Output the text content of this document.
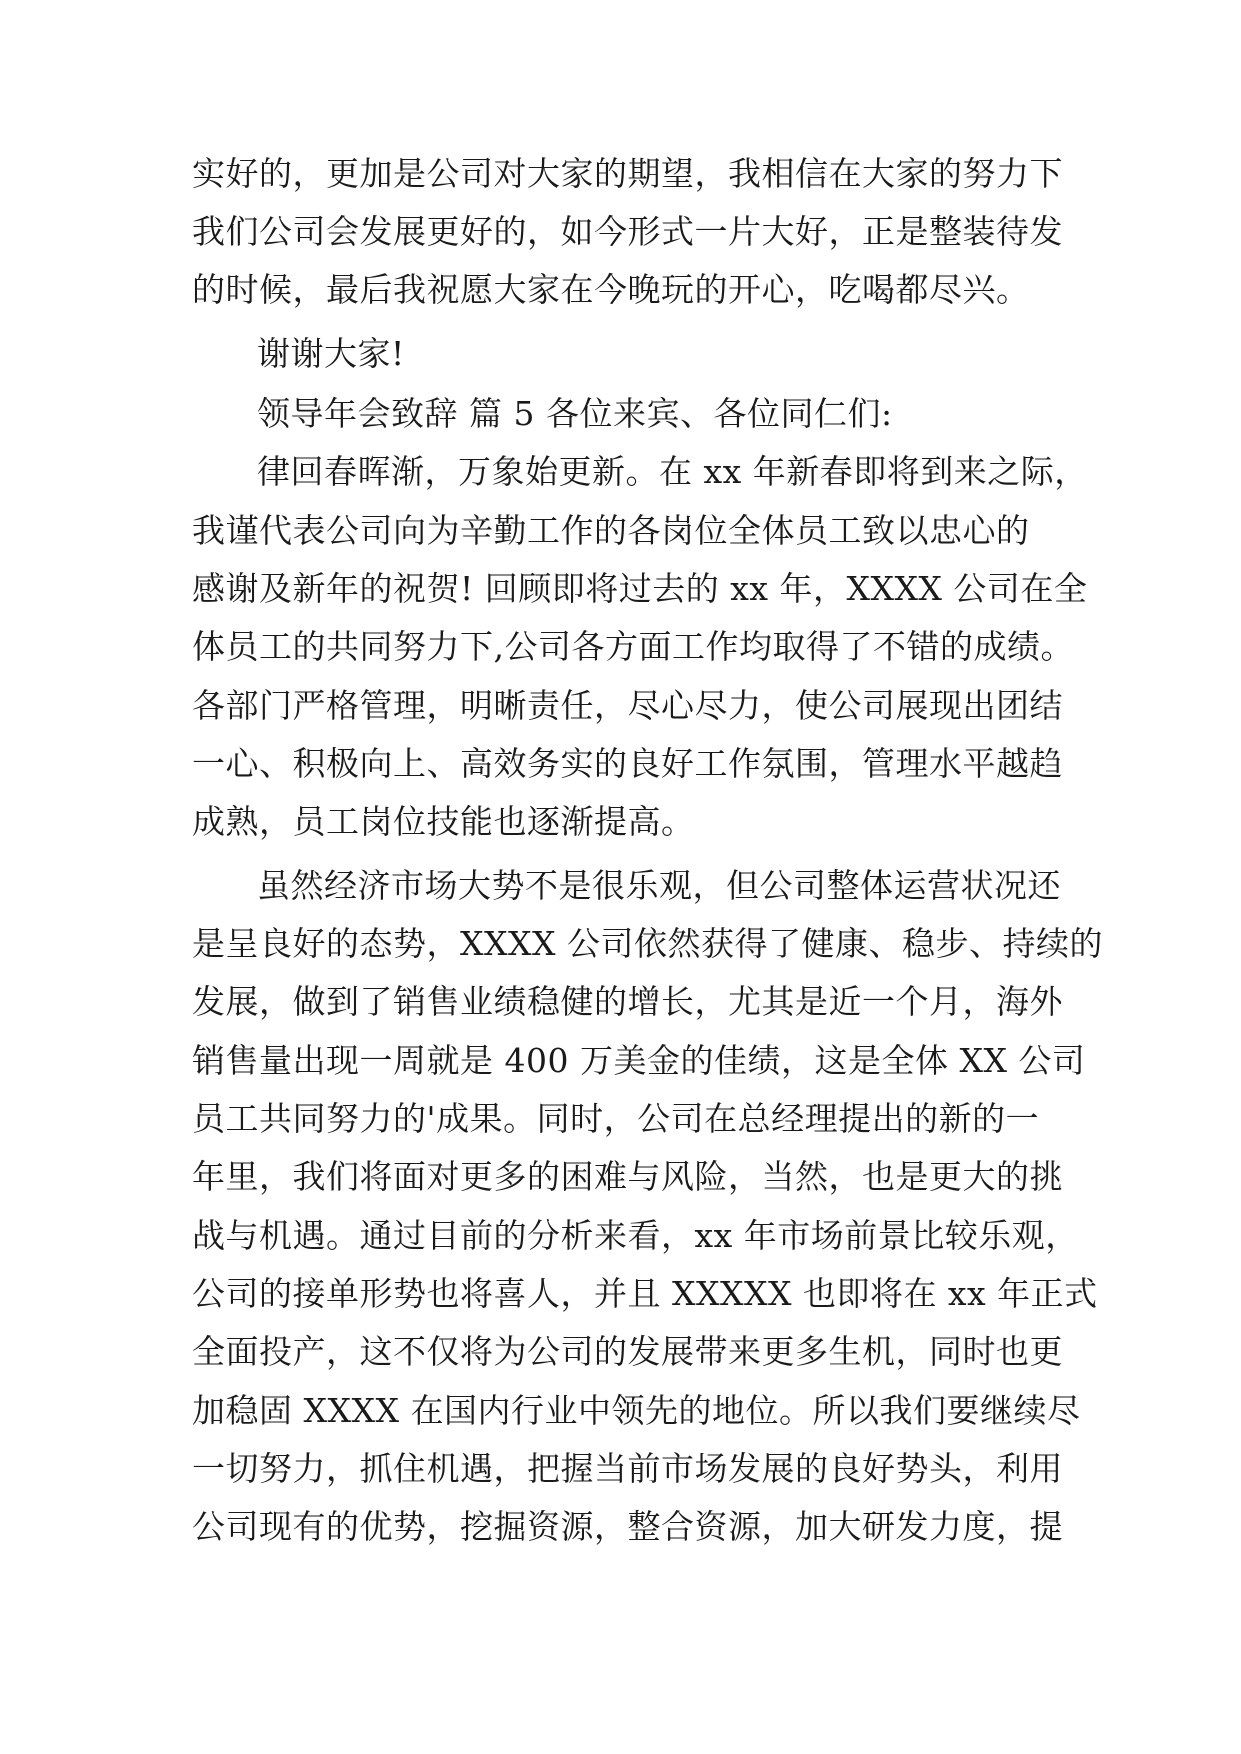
实好的，更加是公司对大家的期望，我相信在大家的努力下
我们公司会发展更好的，如今形式一片大好，正是整装待发
的时候，最后我祝愿大家在今晚玩的开心，吃喝都尽兴。
谢谢大家!
领导年会致辞 篇 5 各位来宾、各位同仁们:
律回春晖渐，万象始更新。在 xx 年新春即将到来之际，
我谨代表公司向为辛勤工作的各岗位全体员工致以忠心的
感谢及新年的祝贺! 回顾即将过去的 xx 年，XXXX 公司在全
体员工的共同努力下,公司各方面工作均取得了不错的成绩。
各部门严格管理，明晰责任，尽心尽力，使公司展现出团结
一心、积极向上、高效务实的良好工作氛围，管理水平越趋
成熟，员工岗位技能也逐渐提高。
虽然经济市场大势不是很乐观，但公司整体运营状况还
是呈良好的态势，XXXX 公司依然获得了健康、稳步、持续的
发展，做到了销售业绩稳健的增长，尤其是近一个月，海外
销售量出现一周就是 400 万美金的佳绩，这是全体 XX 公司
员工共同努力的'成果。同时，公司在总经理提出的新的一
年里，我们将面对更多的困难与风险，当然，也是更大的挑
战与机遇。通过目前的分析来看，xx 年市场前景比较乐观，
公司的接单形势也将喜人，并且 XXXXX 也即将在 xx 年正式
全面投产，这不仅将为公司的发展带来更多生机，同时也更
加稳固 XXXX 在国内行业中领先的地位。所以我们要继续尽
一切努力，抓住机遇，把握当前市场发展的良好势头，利用
公司现有的优势，挖掘资源，整合资源，加大研发力度，提
